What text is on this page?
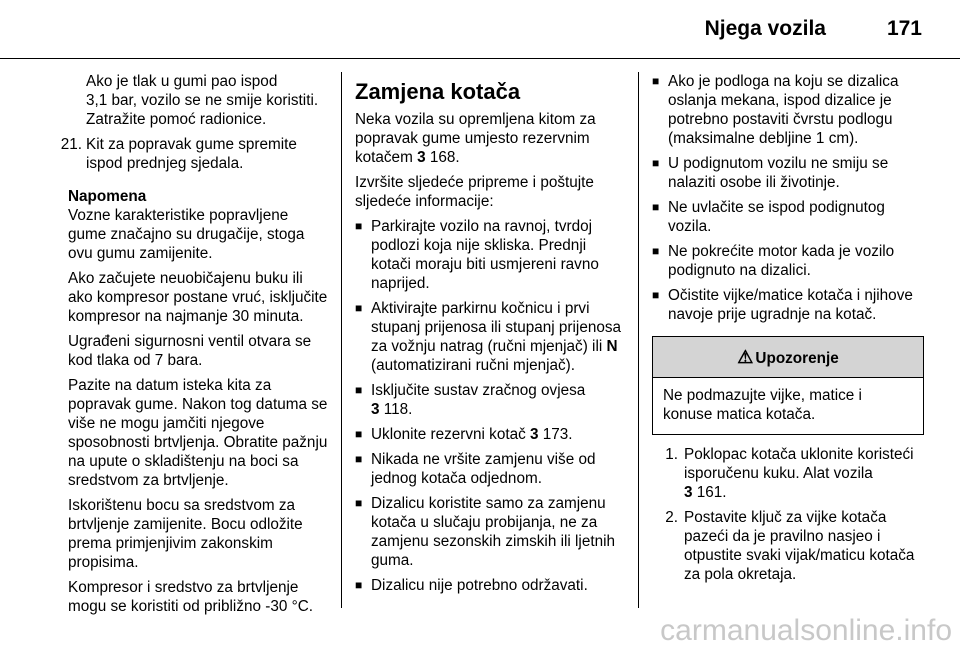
Njega vozila	171
Ako je tlak u gumi pao ispod
3,1 bar, vozilo se ne smije koristiti.
Zatražite pomoć radionice.
21. Kit za popravak gume spremite ispod prednjeg sjedala.
Napomena

Vozne karakteristike popravljene gume značajno su drugačije, stoga ovu gumu zamijenite.

Ako začujete neuobičajenu buku ili ako kompresor postane vruć, isključite kompresor na najmanje 30 minuta.

Ugrađeni sigurnosni ventil otvara se kod tlaka od 7 bara.

Pazite na datum isteka kita za popravak gume. Nakon tog datuma se više ne mogu jamčiti njegove sposobnosti brtvljenja. Obratite pažnju na upute o skladištenju na boci sa sredstvom za brtvljenje.

Iskorištenu bocu sa sredstvom za brtvljenje zamijenite. Bocu odložite prema primjenjivim zakonskim propisima.

Kompresor i sredstvo za brtvljenje mogu se koristiti od približno -30 °C.

Zamjena kotača

Neka vozila su opremljena kitom za popravak gume umjesto rezervnim kotačem 3 168.

Izvršite sljedeće pripreme i poštujte sljedeće informacije:

■ Parkirajte vozilo na ravnoj, tvrdoj podlozi koja nije skliska. Prednji kotači moraju biti usmjereni ravno naprijed.
■ Aktivirajte parkirnu kočnicu i prvi stupanj prijenosa ili stupanj prijenosa za vožnju natrag (ručni mjenjač) ili N (automatizirani ručni mjenjač).
■ Isključite sustav zračnog ovjesa
3 118.
■ Uklonite rezervni kotač 3 173.
■ Nikada ne vršite zamjenu više od jednog kotača odjednom.
■ Dizalicu koristite samo za zamjenu kotača u slučaju probijanja, ne za zamjenu sezonskih zimskih ili ljetnih guma.
■ Dizalicu nije potrebno održavati.
■ Ako je podloga na koju se dizalica oslanja mekana, ispod dizalice je potrebno postaviti čvrstu podlogu (maksimalne debljine 1 cm).
■ U podignutom vozilu ne smiju se nalaziti osobe ili životinje.
■ Ne uvlačite se ispod podignutog vozila.
■ Ne pokrećite motor kada je vozilo podignuto na dizalici.
■ Očistite vijke/matice kotača i njihove navoje prije ugradnje na kotač.
⚠ Upozorenje
Ne podmazujte vijke, matice i konuse matica kotača.
1. Poklopac kotača uklonite koristeći isporučenu kuku. Alat vozila
3 161.
2. Postavite ključ za vijke kotača pazeći da je pravilno nasjeo i otpustite svaki vijak/maticu kotača za pola okretaja.
carmanualsonline.info
